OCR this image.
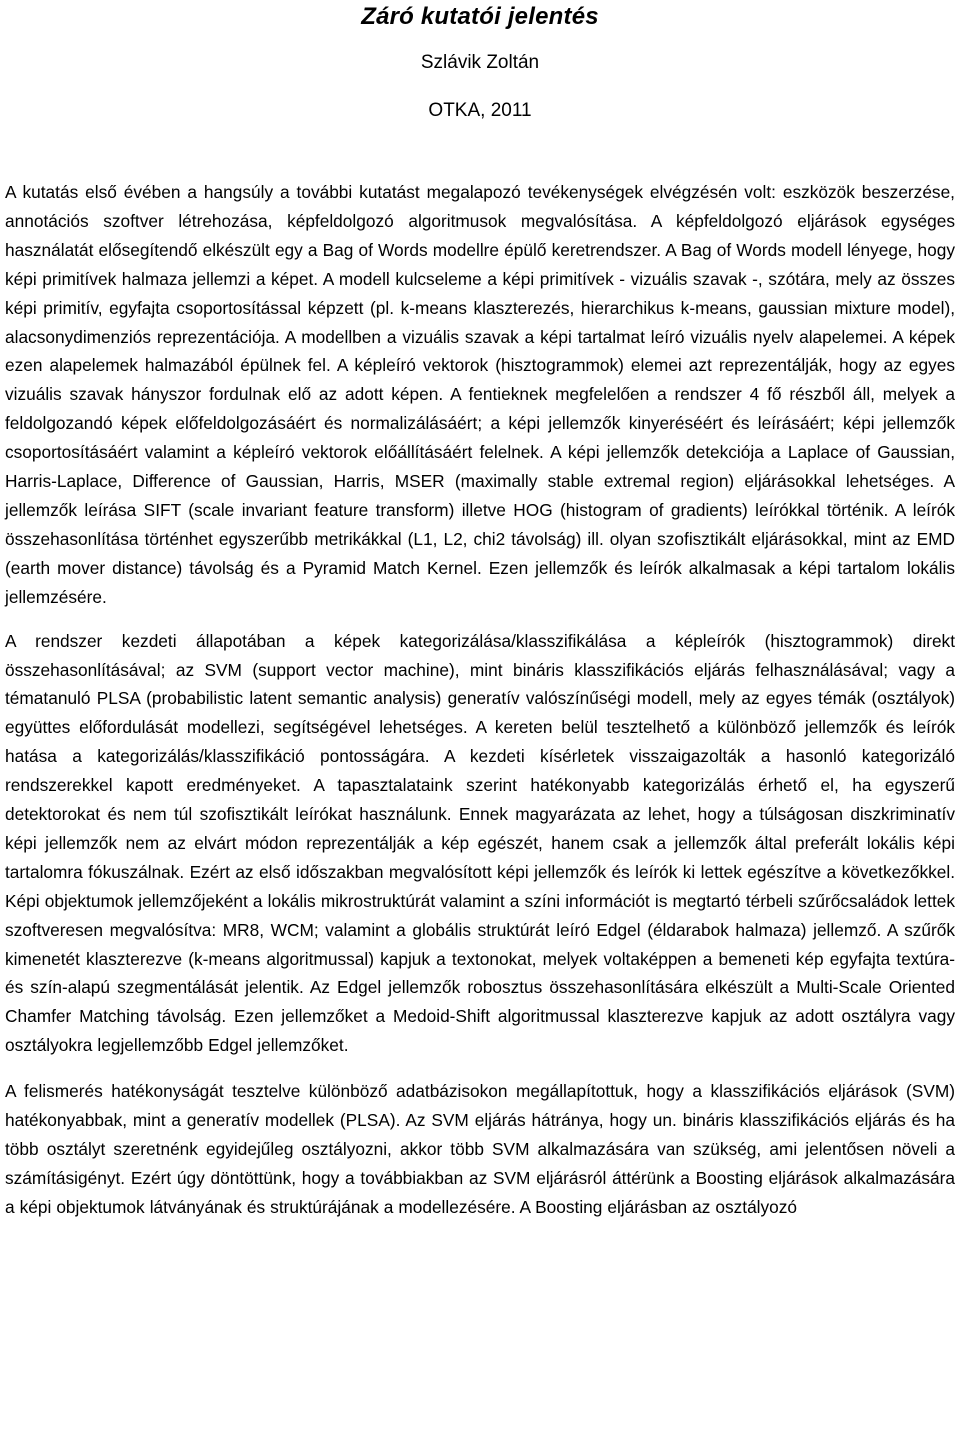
Záró kutatói jelentés

Szlávik Zoltán

OTKA, 2011

A kutatás első évében a hangsúly a további kutatást megalapozó tevékenységek elvégzésén volt: eszközök beszerzése, annotációs szoftver létrehozása, képfeldolgozó algoritmusok megvalósítása. A képfeldolgozó eljárások egységes használatát elősegítendő elkészült egy a Bag of Words modellre épülő keretrendszer. A Bag of Words modell lényege, hogy képi primitívek halmaza jellemzi a képet. A modell kulcseleme a képi primitívek - vizuális szavak -, szótára, mely az összes képi primitív, egyfajta csoportosítással képzett (pl. k-means klaszterezés, hierarchikus k-means, gaussian mixture model), alacsonydimenziós reprezentációja. A modellben a vizuális szavak a képi tartalmat leíró vizuális nyelv alapelemei. A képek ezen alapelemek halmazából épülnek fel. A képleíró vektorok (hisztogrammok) elemei azt reprezentálják, hogy az egyes vizuális szavak hányszor fordulnak elő az adott képen. A fentieknek megfelelően a rendszer 4 fő részből áll, melyek a feldolgozandó képek előfeldolgozásáért és normalizálásáért; a képi jellemzők kinyeréséért és leírásáért; képi jellemzők csoportosításáért valamint a képleíró vektorok előállításáért felelnek. A képi jellemzők detekciója a Laplace of Gaussian, Harris-Laplace, Difference of Gaussian, Harris, MSER (maximally stable extremal region) eljárásokkal lehetséges. A jellemzők leírása SIFT (scale invariant feature transform) illetve HOG (histogram of gradients) leírókkal történik. A leírók összehasonlítása történhet egyszerűbb metrikákkal (L1, L2, chi2 távolság) ill. olyan szofisztikált eljárásokkal, mint az EMD (earth mover distance) távolság és a Pyramid Match Kernel. Ezen jellemzők és leírók alkalmasak a képi tartalom lokális jellemzésére.

A rendszer kezdeti állapotában a képek kategorizálása/klasszifikálása a képleírók (hisztogrammok) direkt összehasonlításával; az SVM (support vector machine), mint bináris klasszifikációs eljárás felhasználásával; vagy a tématanuló PLSA (probabilistic latent semantic analysis) generatív valószínűségi modell, mely az egyes témák (osztályok) együttes előfordulását modellezi, segítségével lehetséges. A kereten belül tesztelhető a különböző jellemzők és leírók hatása a kategorizálás/klasszifikáció pontosságára. A kezdeti kísérletek visszaigazolták a hasonló kategorizáló rendszerekkel kapott eredményeket. A tapasztalataink szerint hatékonyabb kategorizálás érhető el, ha egyszerű detektorokat és nem túl szofisztikált leírókat használunk. Ennek magyarázata az lehet, hogy a túlságosan diszkriminatív képi jellemzők nem az elvárt módon reprezentálják a kép egészét, hanem csak a jellemzők által preferált lokális képi tartalomra fókuszálnak. Ezért az első időszakban megvalósított képi jellemzők és leírók ki lettek egészítve a következőkkel. Képi objektumok jellemzőjeként a lokális mikrostruktúrát valamint a színi információt is megtartó térbeli szűrőcsaládok lettek szoftveresen megvalósítva: MR8, WCM; valamint a globális struktúrát leíró Edgel (éldarabok halmaza) jellemző. A szűrők kimenetét klaszterezve (k-means algoritmussal) kapjuk a textonokat, melyek voltaképpen a bemeneti kép egyfajta textúra- és szín-alapú szegmentálását jelentik. Az Edgel jellemzők robosztus összehasonlítására elkészült a Multi-Scale Oriented Chamfer Matching távolság. Ezen jellemzőket a Medoid-Shift algoritmussal klaszterezve kapjuk az adott osztályra vagy osztályokra legjellemzőbb Edgel jellemzőket.

A felismerés hatékonyságát tesztelve különböző adatbázisokon megállapítottuk, hogy a klasszifikációs eljárások (SVM) hatékonyabbak, mint a generatív modellek (PLSA). Az SVM eljárás hátránya, hogy un. bináris klasszifikációs eljárás és ha több osztályt szeretnénk egyidejűleg osztályozni, akkor több SVM alkalmazására van szükség, ami jelentősen növeli a számításigényt. Ezért úgy döntöttünk, hogy a továbbiakban az SVM eljárásról áttérünk a Boosting eljárások alkalmazására a képi objektumok látványának és struktúrájának a modellezésére. A Boosting eljárásban az osztályozó
